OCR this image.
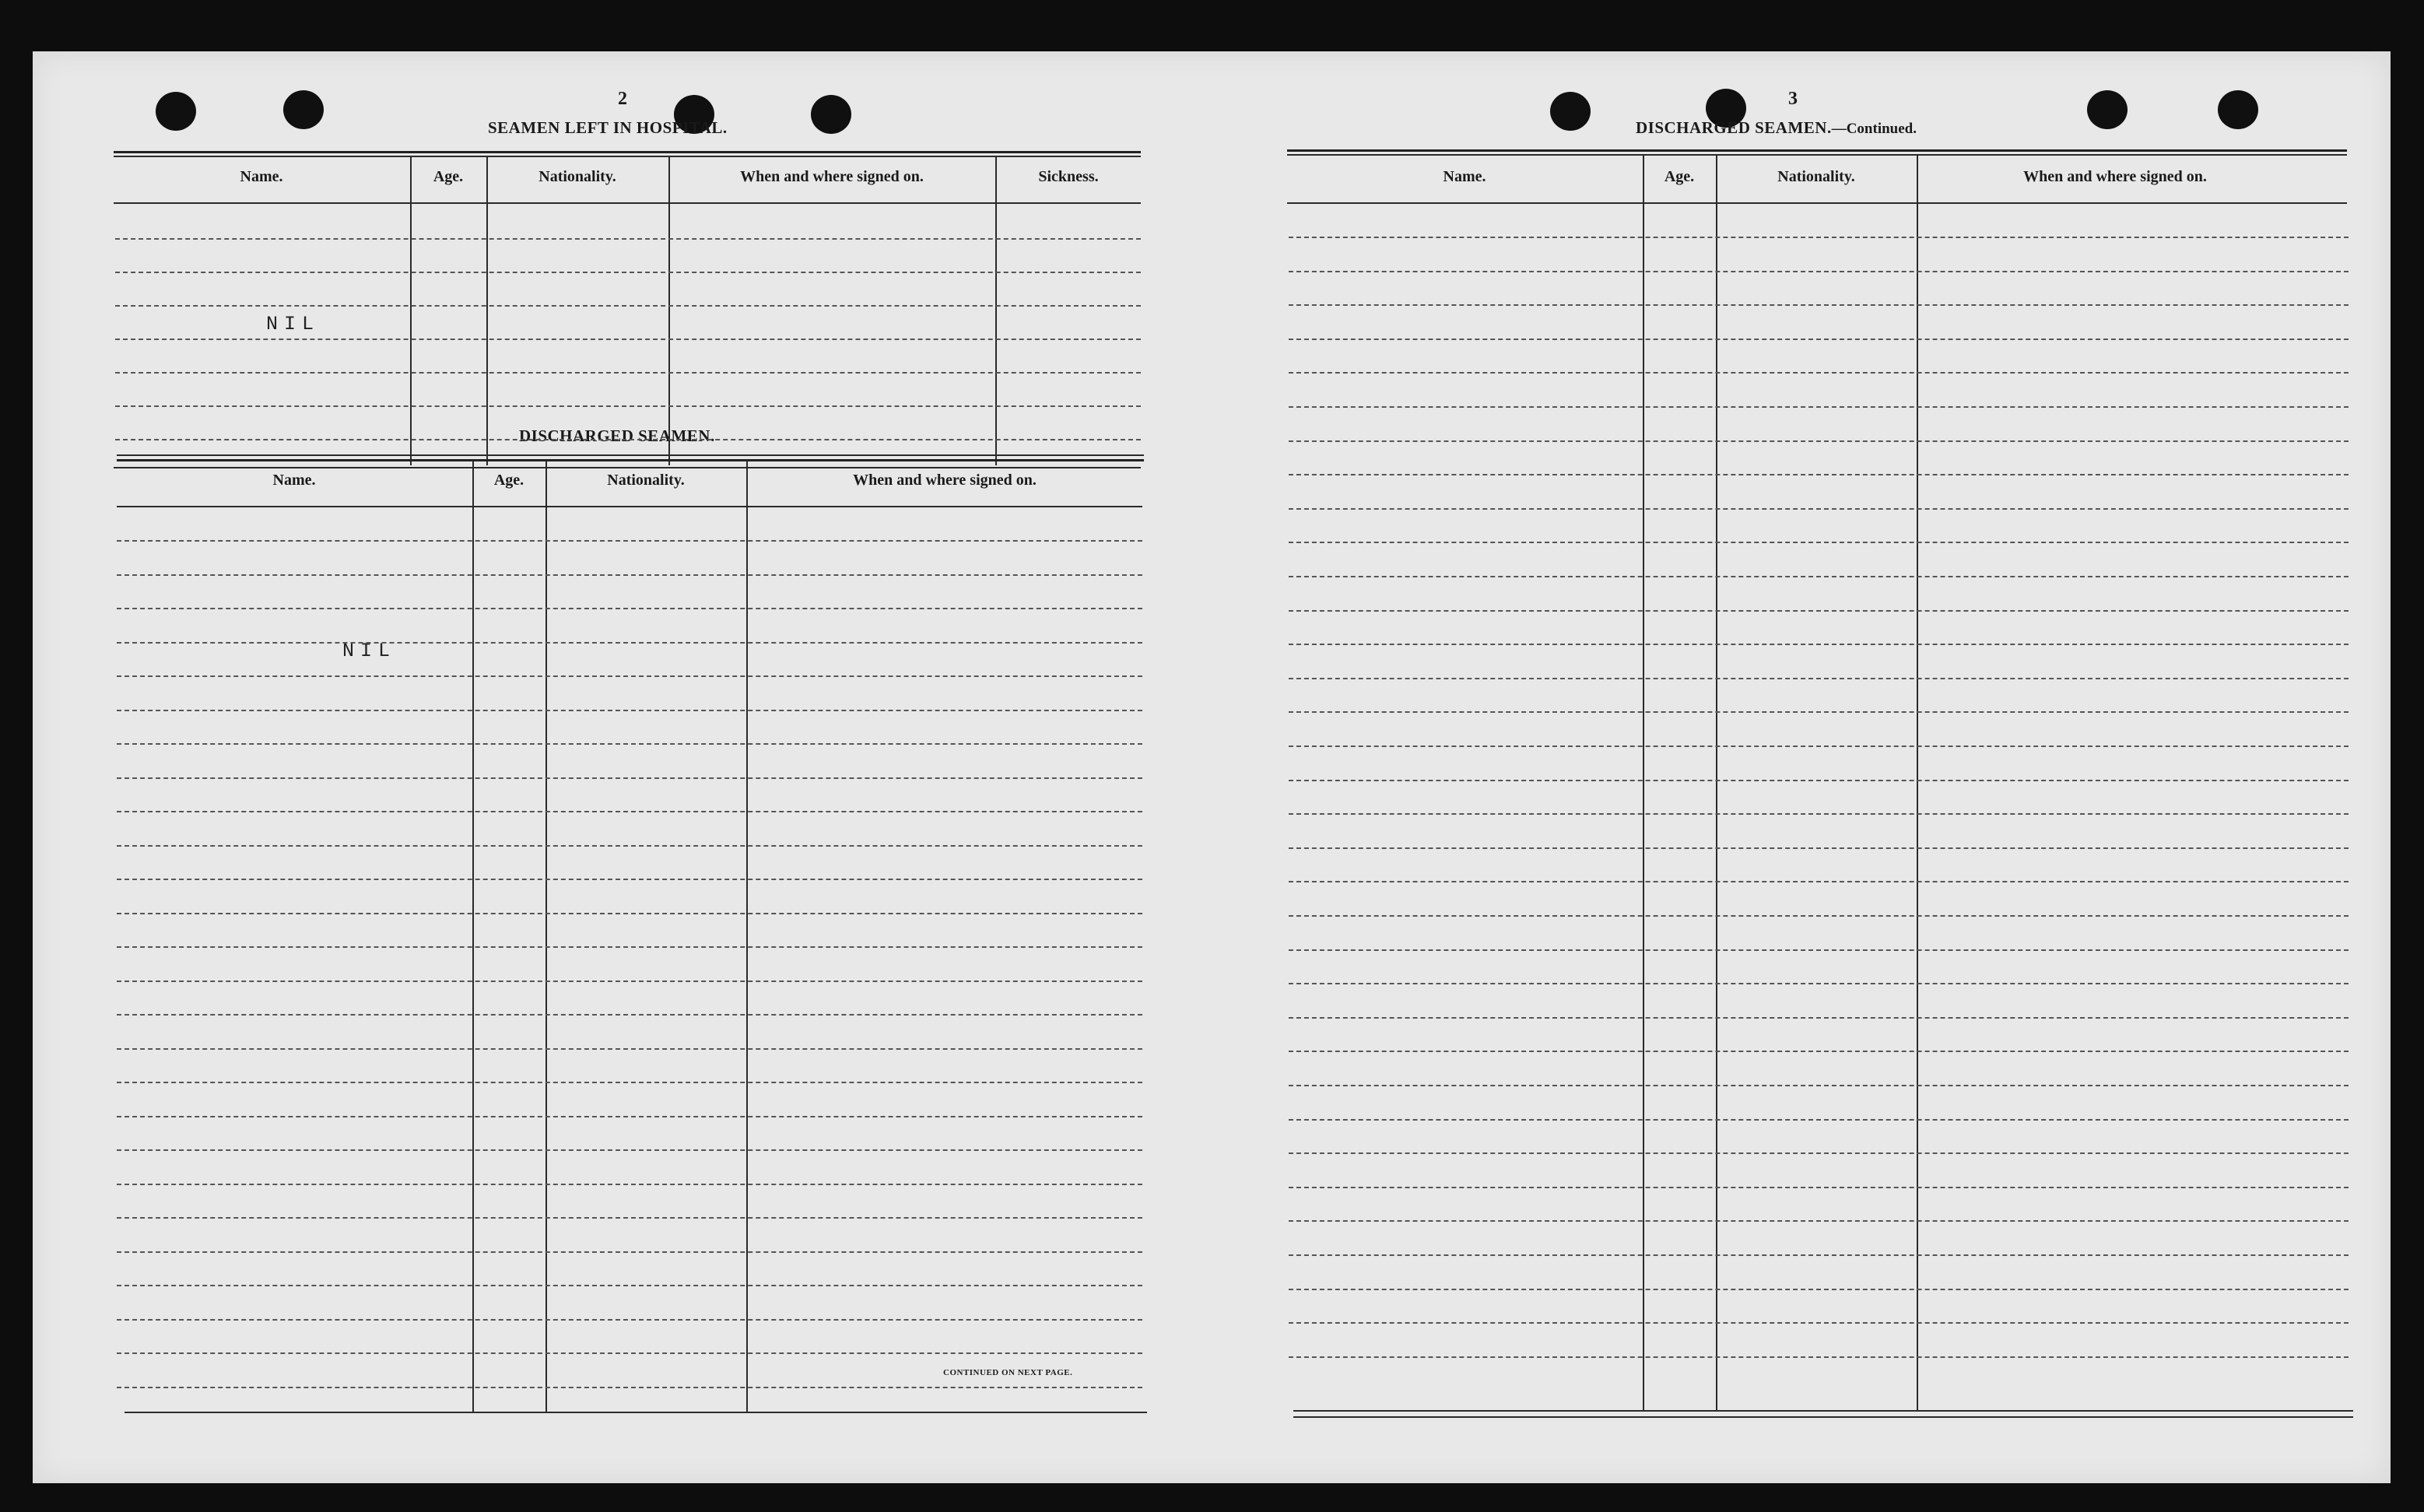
2
SEAMEN LEFT IN HOSPITAL.
Name.	Age.	Nationality.	When and where signed on.	Sickness.
NIL
DISCHARGED SEAMEN.
Name.	Age.	Nationality.	When and where signed on.
NIL
CONTINUED ON NEXT PAGE.
3
DISCHARGED SEAMEN.—Continued.
Name.	Age.	Nationality.	When and where signed on.
